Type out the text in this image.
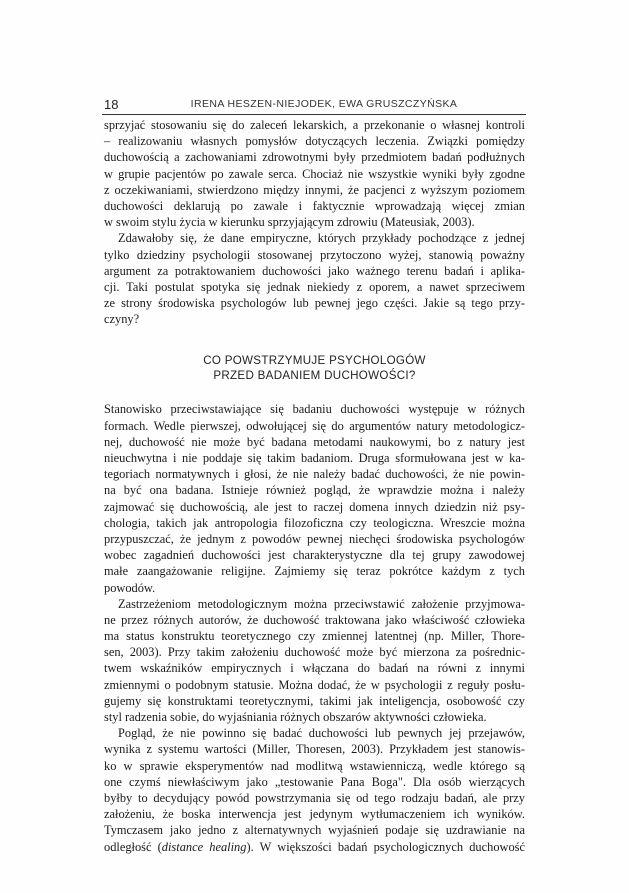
18	IRENA HESZEN-NIEJODEK, EWA GRUSZCZYŃSKA
sprzyjać stosowaniu się do zaleceń lekarskich, a przekonanie o własnej kontroli
– realizowaniu własnych pomysłów dotyczących leczenia. Związki pomiędzy
duchowością a zachowaniami zdrowotnymi były przedmiotem badań podłużnych
w grupie pacjentów po zawale serca. Chociaż nie wszystkie wyniki były zgodne
z oczekiwaniami, stwierdzono między innymi, że pacjenci z wyższym poziomem
duchowości deklarują po zawale i faktycznie wprowadzają więcej zmian
w swoim stylu życia w kierunku sprzyjającym zdrowiu (Mateusiak, 2003).
Zdawałoby się, że dane empiryczne, których przykłady pochodzące z jednej
tylko dziedziny psychologii stosowanej przytoczono wyżej, stanowią poważny
argument za potraktowaniem duchowości jako ważnego terenu badań i aplika-
cji. Taki postulat spotyka się jednak niekiedy z oporem, a nawet sprzeciwem
ze strony środowiska psychologów lub pewnej jego części. Jakie są tego przy-
czyny?
CO POWSTRZYMUJE PSYCHOLOGÓW
PRZED BADANIEM DUCHOWOŚCI?
Stanowisko przeciwstawiające się badaniu duchowości występuje w różnych
formach. Wedle pierwszej, odwołującej się do argumentów natury metodologicz-
nej, duchowość nie może być badana metodami naukowymi, bo z natury jest
nieuchwytna i nie poddaje się takim badaniom. Druga sformułowana jest w ka-
tegoriach normatywnych i głosi, że nie należy badać duchowości, że nie powin-
na być ona badana. Istnieje również pogląd, że wprawdzie można i należy
zajmować się duchowością, ale jest to raczej domena innych dziedzin niż psy-
chologia, takich jak antropologia filozoficzna czy teologiczna. Wreszcie można
przypuszczać, że jednym z powodów pewnej niechęci środowiska psychologów
wobec zagadnień duchowości jest charakterystyczne dla tej grupy zawodowej
małe zaangażowanie religijne. Zajmiemy się teraz pokrótce każdym z tych
powodów.
Zastrzeżeniom metodologicznym można przeciwstawić założenie przyjmowa-
ne przez różnych autorów, że duchowość traktowana jako właściwość człowieka
ma status konstruktu teoretycznego czy zmiennej latentnej (np. Miller, Thore-
sen, 2003). Przy takim założeniu duchowość może być mierzona za pośrednic-
twem wskaźników empirycznych i włączana do badań na równi z innymi
zmiennymi o podobnym statusie. Można dodać, że w psychologii z reguły posłu-
gujemy się konstruktami teoretycznymi, takimi jak inteligencja, osobowość czy
styl radzenia sobie, do wyjaśniania różnych obszarów aktywności człowieka.
Pogląd, że nie powinno się badać duchowości lub pewnych jej przejawów,
wynika z systemu wartości (Miller, Thoresen, 2003). Przykładem jest stanowis-
ko w sprawie eksperymentów nad modlitwą wstawienniczą, wedle którego są
one czymś niewłaściwym jako „testowanie Pana Boga". Dla osób wierzących
byłby to decydujący powód powstrzymania się od tego rodzaju badań, ale przy
założeniu, że boska interwencja jest jedynym wytłumaczeniem ich wyników.
Tymczasem jako jedno z alternatywnych wyjaśnień podaje się uzdrawianie na
odległość (distance healing). W większości badań psychologicznych duchowość
